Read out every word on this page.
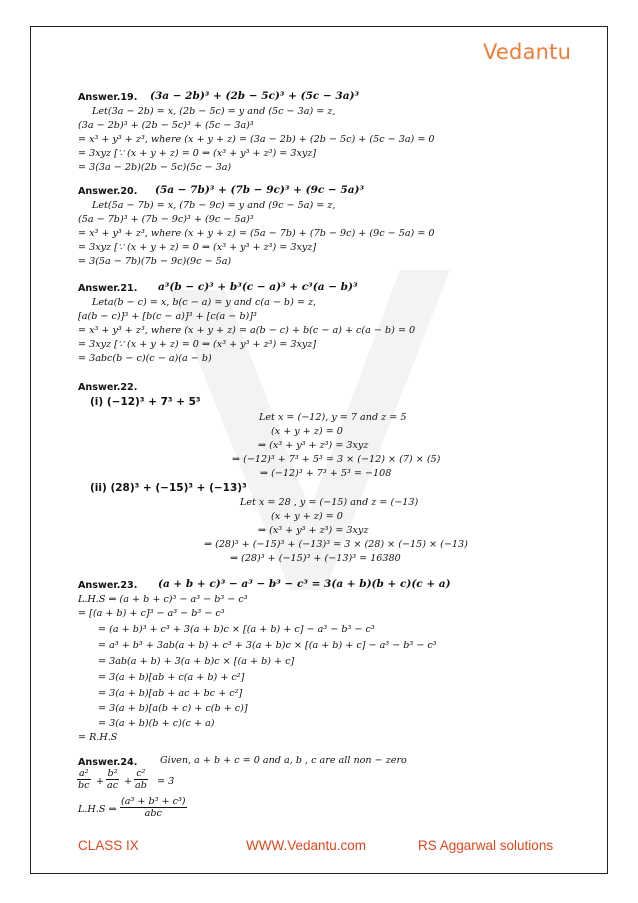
Vedantu
Answer.19. (3a − 2b)³ + (2b − 5c)³ + (5c − 3a)³
Let(3a − 2b) = x, (2b − 5c) = y and (5c − 3a) = z,
(3a − 2b)³ + (2b − 5c)³ + (5c − 3a)³
= x³ + y³ + z³, where (x + y + z) = (3a − 2b) + (2b − 5c) + (5c − 3a) = 0
= 3xyz [∵ (x + y + z) = 0 ⇒ (x³ + y³ + z³) = 3xyz]
= 3(3a − 2b)(2b − 5c)(5c − 3a)
Answer.20. (5a − 7b)³ + (7b − 9c)³ + (9c − 5a)³
Let(5a − 7b) = x, (7b − 9c) = y and (9c − 5a) = z,
(5a − 7b)³ + (7b − 9c)³ + (9c − 5a)³
= x³ + y³ + z³, where (x + y + z) = (5a − 7b) + (7b − 9c) + (9c − 5a) = 0
= 3xyz [∵ (x + y + z) = 0 ⇒ (x³ + y³ + z³) = 3xyz]
= 3(5a − 7b)(7b − 9c)(9c − 5a)
Answer.21. a³(b − c)³ + b³(c − a)³ + c³(a − b)³
Leta(b − c) = x, b(c − a) = y and c(a − b) = z,
[a(b − c)]³ + [b(c − a)]³ + [c(a − b)]³
= x³ + y³ + z³, where (x + y + z) = a(b − c) + b(c − a) + c(a − b) = 0
= 3xyz [∵ (x + y + z) = 0 ⇒ (x³ + y³ + z³) = 3xyz]
= 3abc(b − c)(c − a)(a − b)
Answer.22.
(i) (−12)³ + 7³ + 5³
Let x = (−12), y = 7 and z = 5
(x + y + z) = 0
⇒ (x³ + y³ + z³) = 3xyz
⇒ (−12)³ + 7³ + 5³ = 3 × (−12) × (7) × (5)
⇒ (−12)³ + 7³ + 5³ = −108
(ii) (28)³ + (−15)³ + (−13)³
Let x = 28 , y = (−15) and z = (−13)
(x + y + z) = 0
⇒ (x³ + y³ + z³) = 3xyz
⇒ (28)³ + (−15)³ + (−13)³ = 3 × (28) × (−15) × (−13)
⇒ (28)³ + (−15)³ + (−13)³ = 16380
Answer.23. (a + b + c)³ − a³ − b³ − c³ = 3(a + b)(b + c)(c + a)
L.H.S ⇒ (a + b + c)³ − a³ − b³ − c³
= [(a + b) + c]³ − a³ − b³ − c³
= (a + b)³ + c³ + 3(a + b)c × [(a + b) + c] − a³ − b³ − c³
= a³ + b³ + 3ab(a + b) + c³ + 3(a + b)c × [(a + b) + c] − a³ − b³ − c³
= 3ab(a + b) + 3(a + b)c × [(a + b) + c]
= 3(a + b)[ab + c(a + b) + c²]
= 3(a + b)[ab + ac + bc + c²]
= 3(a + b)[a(b + c) + c(b + c)]
= 3(a + b)(b + c)(c + a)
= R.H.S
Answer.24. Given, a + b + c = 0 and a, b , c are all non − zero
$\frac{\text{a²}}{bc} + \frac{\text{b²}}{ac} + \frac{\text{c²}}{ab} = 3$
L.H.S ⇒
(a³ + b³ + c³)
abc
CLASS IX	WWW.Vedantu.com	RS Aggarwal solutions
